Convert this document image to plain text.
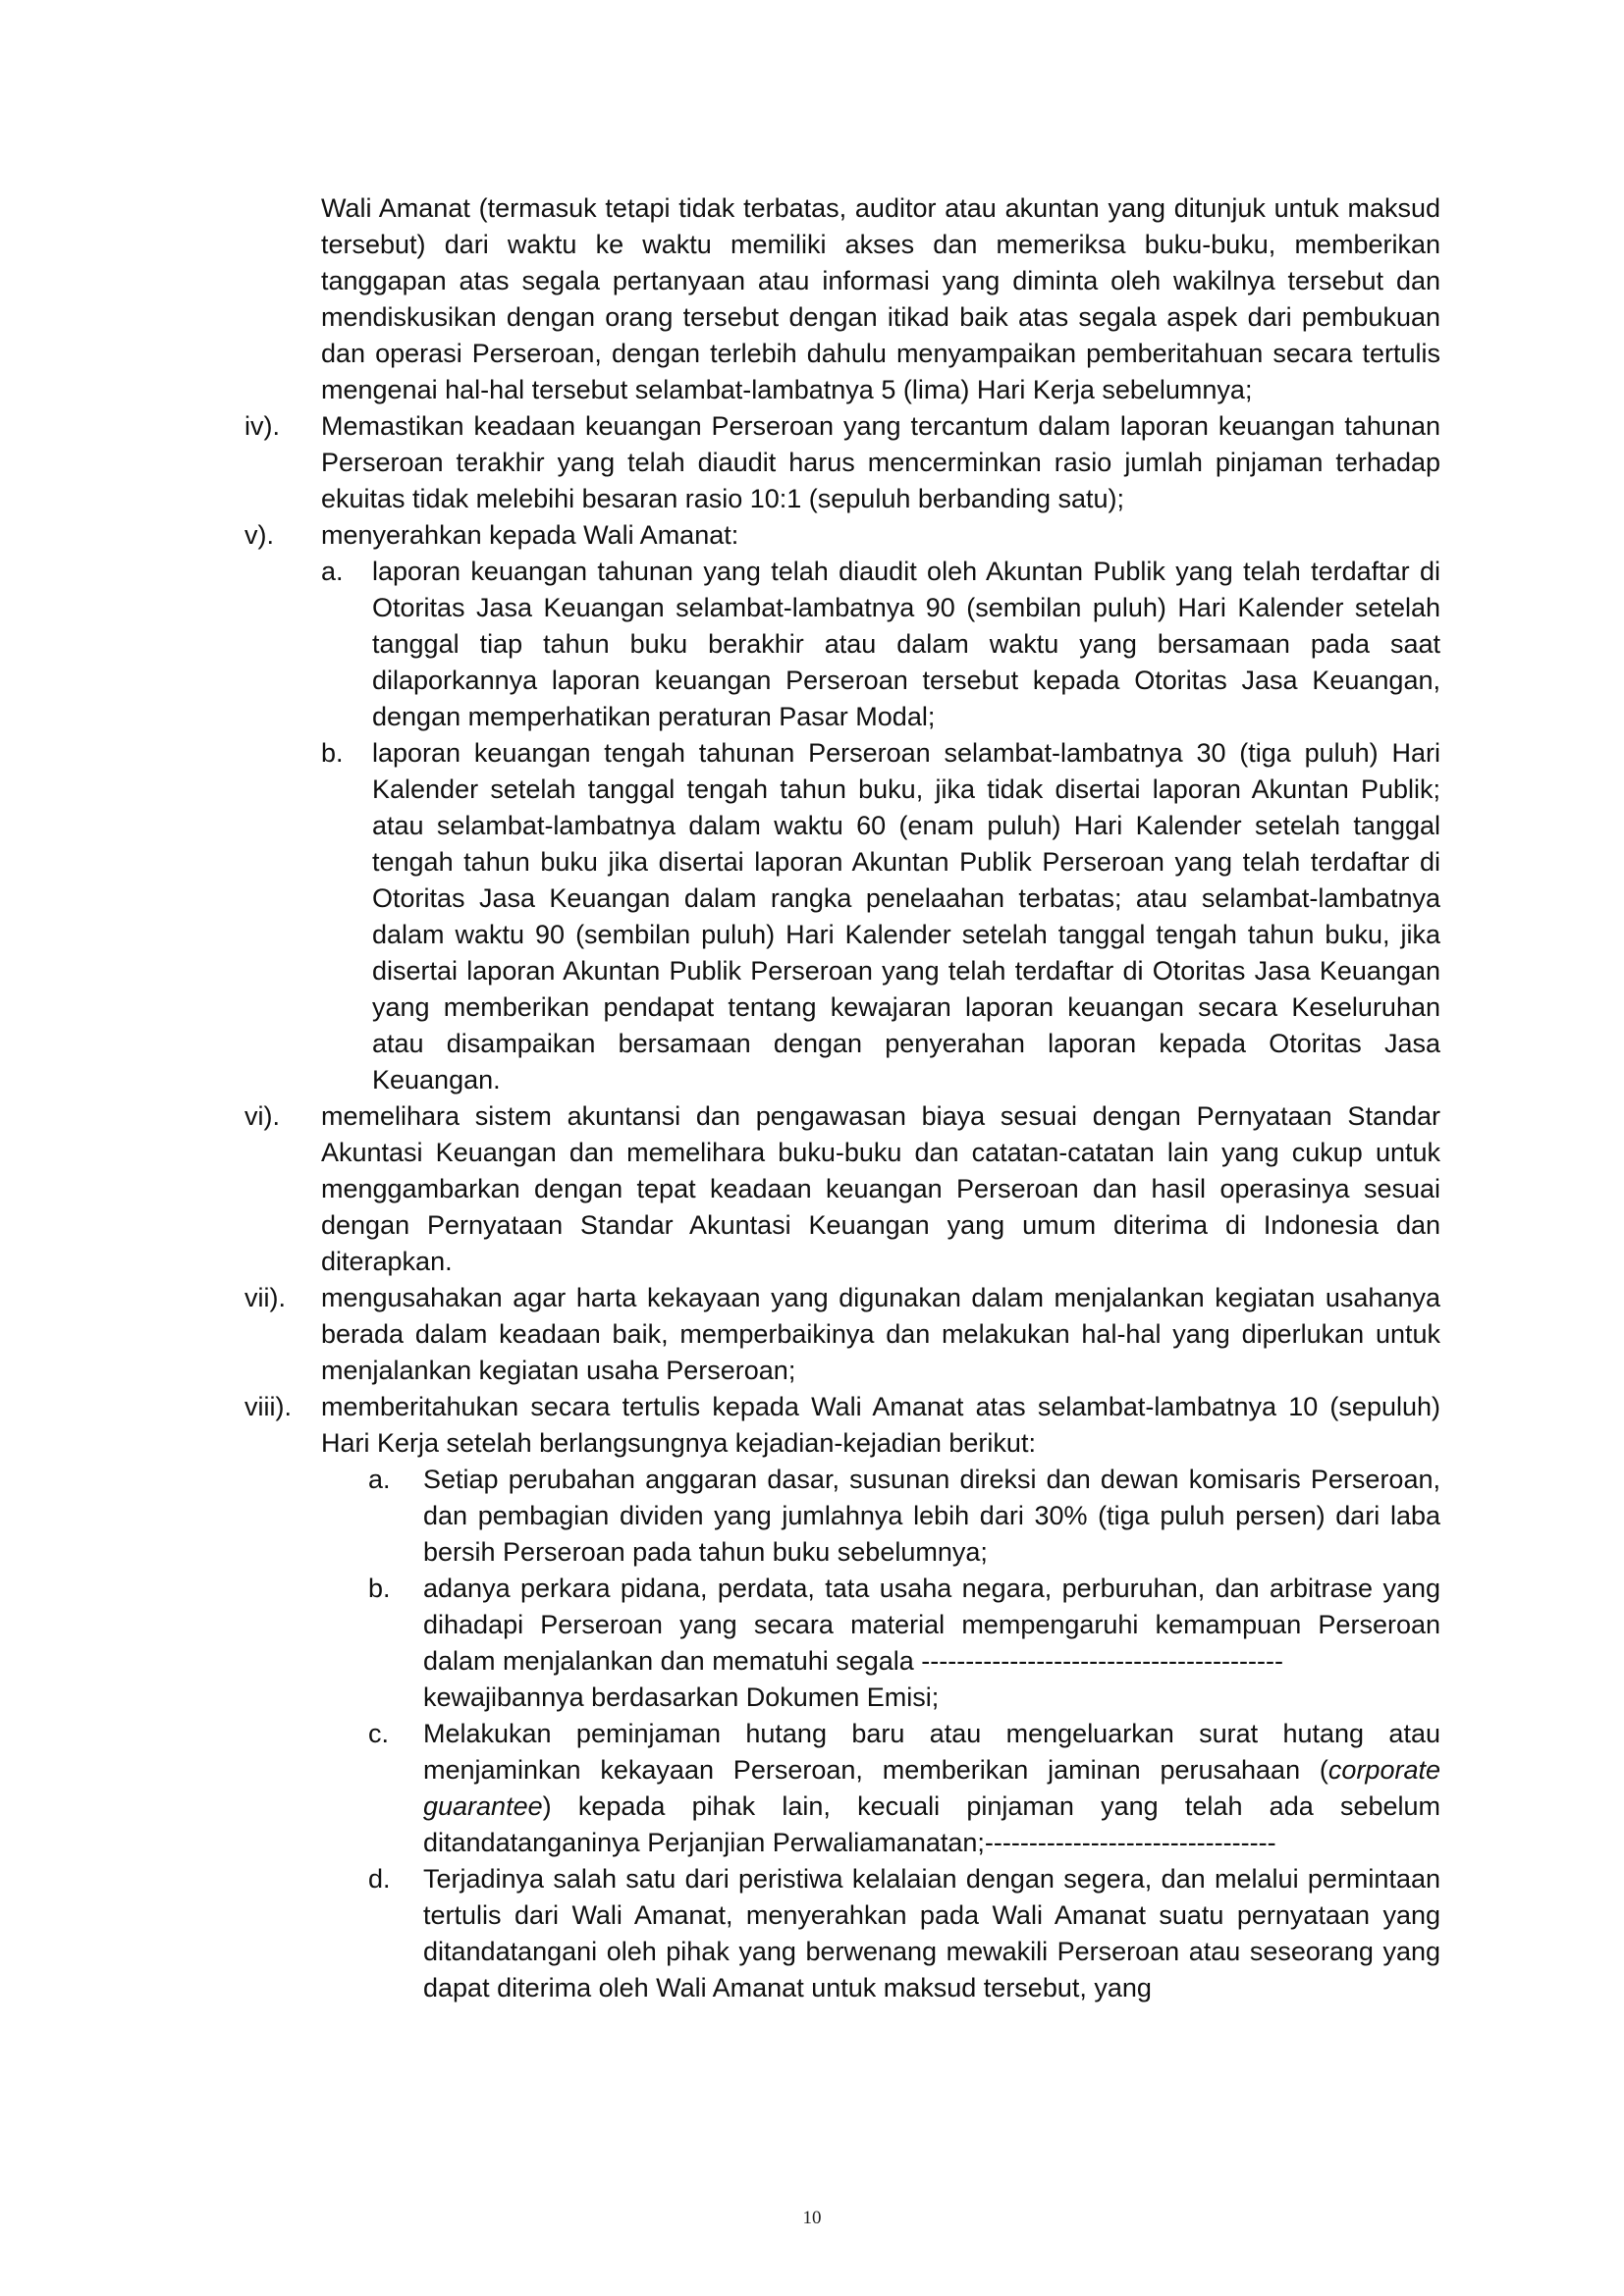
Wali Amanat (termasuk tetapi tidak terbatas, auditor atau akuntan yang ditunjuk untuk maksud tersebut) dari waktu ke waktu memiliki akses dan memeriksa buku-buku, memberikan tanggapan atas segala pertanyaan atau informasi yang diminta oleh wakilnya tersebut dan mendiskusikan dengan orang tersebut dengan itikad baik atas segala aspek dari pembukuan dan operasi Perseroan, dengan terlebih dahulu menyampaikan pemberitahuan secara tertulis mengenai hal-hal tersebut selambat-lambatnya 5 (lima) Hari Kerja sebelumnya;
iv). Memastikan keadaan keuangan Perseroan yang tercantum dalam laporan keuangan tahunan Perseroan terakhir yang telah diaudit harus mencerminkan rasio jumlah pinjaman terhadap ekuitas tidak melebihi besaran rasio 10:1 (sepuluh berbanding satu);
v). menyerahkan kepada Wali Amanat:
a. laporan keuangan tahunan yang telah diaudit oleh Akuntan Publik yang telah terdaftar di Otoritas Jasa Keuangan selambat-lambatnya 90 (sembilan puluh) Hari Kalender setelah tanggal tiap tahun buku berakhir atau dalam waktu yang bersamaan pada saat dilaporkannya laporan keuangan Perseroan tersebut kepada Otoritas Jasa Keuangan, dengan memperhatikan peraturan Pasar Modal;
b. laporan keuangan tengah tahunan Perseroan selambat-lambatnya 30 (tiga puluh) Hari Kalender setelah tanggal tengah tahun buku, jika tidak disertai laporan Akuntan Publik; atau selambat-lambatnya dalam waktu 60 (enam puluh) Hari Kalender setelah tanggal tengah tahun buku jika disertai laporan Akuntan Publik Perseroan yang telah terdaftar di Otoritas Jasa Keuangan dalam rangka penelaahan terbatas; atau selambat-lambatnya dalam waktu 90 (sembilan puluh) Hari Kalender setelah tanggal tengah tahun buku, jika disertai laporan Akuntan Publik Perseroan yang telah terdaftar di Otoritas Jasa Keuangan yang memberikan pendapat tentang kewajaran laporan keuangan secara Keseluruhan atau disampaikan bersamaan dengan penyerahan laporan kepada Otoritas Jasa Keuangan.
vi). memelihara sistem akuntansi dan pengawasan biaya sesuai dengan Pernyataan Standar Akuntasi Keuangan dan memelihara buku-buku dan catatan-catatan lain yang cukup untuk menggambarkan dengan tepat keadaan keuangan Perseroan dan hasil operasinya sesuai dengan Pernyataan Standar Akuntasi Keuangan yang umum diterima di Indonesia dan diterapkan.
vii). mengusahakan agar harta kekayaan yang digunakan dalam menjalankan kegiatan usahanya berada dalam keadaan baik, memperbaikinya dan melakukan hal-hal yang diperlukan untuk menjalankan kegiatan usaha Perseroan;
viii). memberitahukan secara tertulis kepada Wali Amanat atas selambat-lambatnya 10 (sepuluh) Hari Kerja setelah berlangsungnya kejadian-kejadian berikut:
a. Setiap perubahan anggaran dasar, susunan direksi dan dewan komisaris Perseroan, dan pembagian dividen yang jumlahnya lebih dari 30% (tiga puluh persen) dari laba bersih Perseroan pada tahun buku sebelumnya;
b. adanya perkara pidana, perdata, tata usaha negara, perburuhan, dan arbitrase yang dihadapi Perseroan yang secara material mempengaruhi kemampuan Perseroan dalam menjalankan dan mematuhi segala -----------------------------------------
kewajibannya berdasarkan Dokumen Emisi;
c. Melakukan peminjaman hutang baru atau mengeluarkan surat hutang atau menjaminkan kekayaan Perseroan, memberikan jaminan perusahaan (corporate guarantee) kepada pihak lain, kecuali pinjaman yang telah ada sebelum ditandatanganinya Perjanjian Perwaliamanatan;---------------------------------
d. Terjadinya salah satu dari peristiwa kelalaian dengan segera, dan melalui permintaan tertulis dari Wali Amanat, menyerahkan pada Wali Amanat suatu pernyataan yang ditandatangani oleh pihak yang berwenang mewakili Perseroan atau seseorang yang dapat diterima oleh Wali Amanat untuk maksud tersebut, yang
10
